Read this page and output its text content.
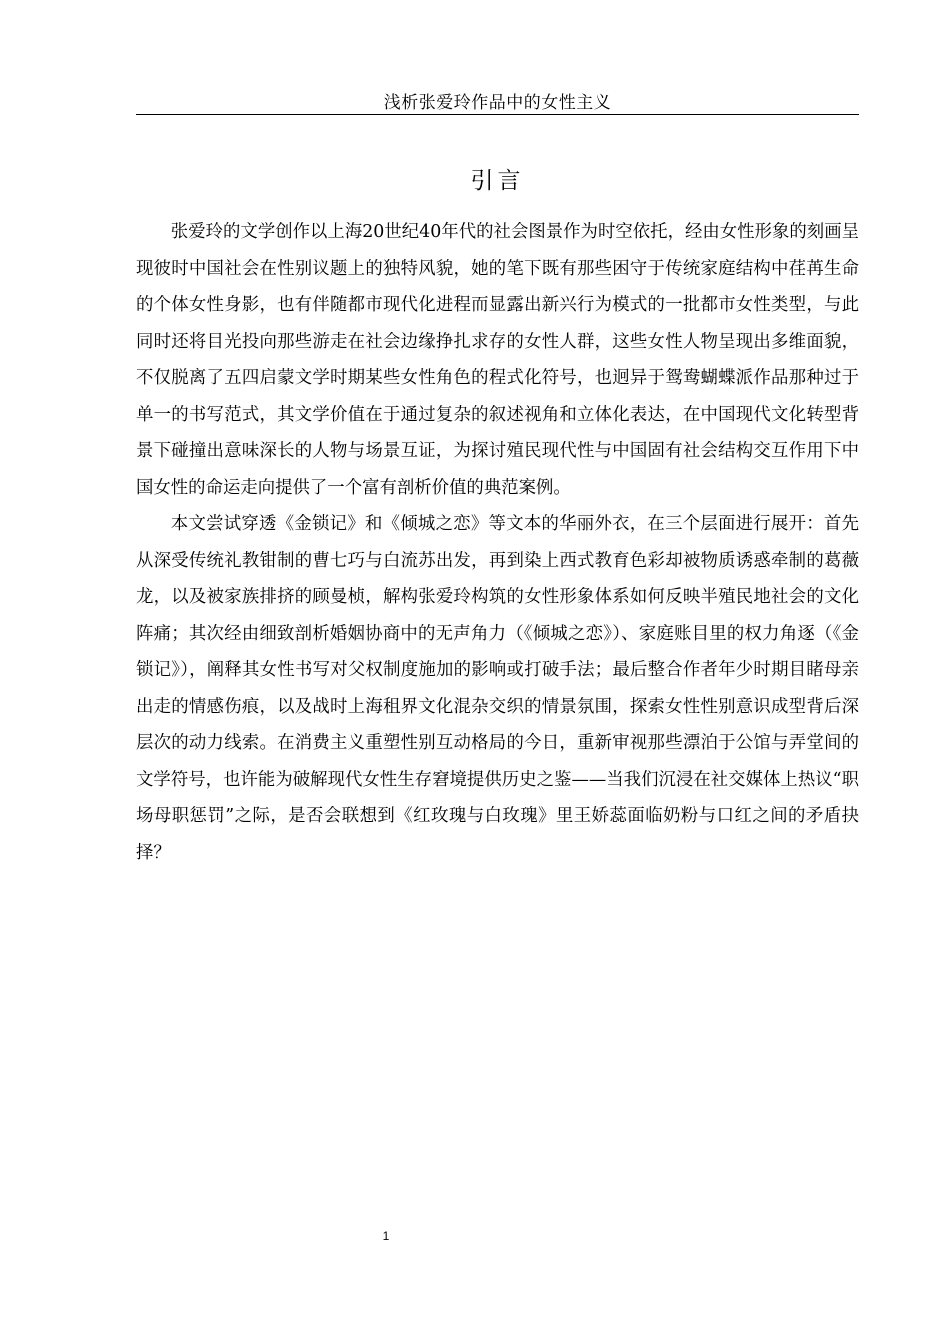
浅析张爱玲作品中的女性主义
引言

张爱玲的文学创作以上海20世纪40年代的社会图景作为时空依托，经由女性形象的刻画呈现彼时中国社会在性别议题上的独特风貌，她的笔下既有那些困守于传统家庭结构中荏苒生命的个体女性身影，也有伴随都市现代化进程而显露出新兴行为模式的一批都市女性类型，与此同时还将目光投向那些游走在社会边缘挣扎求存的女性人群，这些女性人物呈现出多维面貌，不仅脱离了五四启蒙文学时期某些女性角色的程式化符号，也迥异于鸳鸯蝴蝶派作品那种过于单一的书写范式，其文学价值在于通过复杂的叙述视角和立体化表达，在中国现代文化转型背景下碰撞出意味深长的人物与场景互证，为探讨殖民现代性与中国固有社会结构交互作用下中国女性的命运走向提供了一个富有剖析价值的典范案例。

本文尝试穿透《金锁记》和《倾城之恋》等文本的华丽外衣，在三个层面进行展开：首先从深受传统礼教钳制的曹七巧与白流苏出发，再到染上西式教育色彩却被物质诱惑牵制的葛薇龙，以及被家族排挤的顾曼桢，解构张爱玲构筑的女性形象体系如何反映半殖民地社会的文化阵痛；其次经由细致剖析婚姻协商中的无声角力（《倾城之恋》）、家庭账目里的权力角逐（《金锁记》），阐释其女性书写对父权制度施加的影响或打破手法；最后整合作者年少时期目睹母亲出走的情感伤痕，以及战时上海租界文化混杂交织的情景氛围，探索女性性别意识成型背后深层次的动力线索。在消费主义重塑性别互动格局的今日，重新审视那些漂泊于公馆与弄堂间的文学符号，也许能为破解现代女性生存窘境提供历史之鉴——当我们沉浸在社交媒体上热议“职场母职惩罚”之际，是否会联想到《红玫瑰与白玫瑰》里王娇蕊面临奶粉与口红之间的矛盾抉择？

1
